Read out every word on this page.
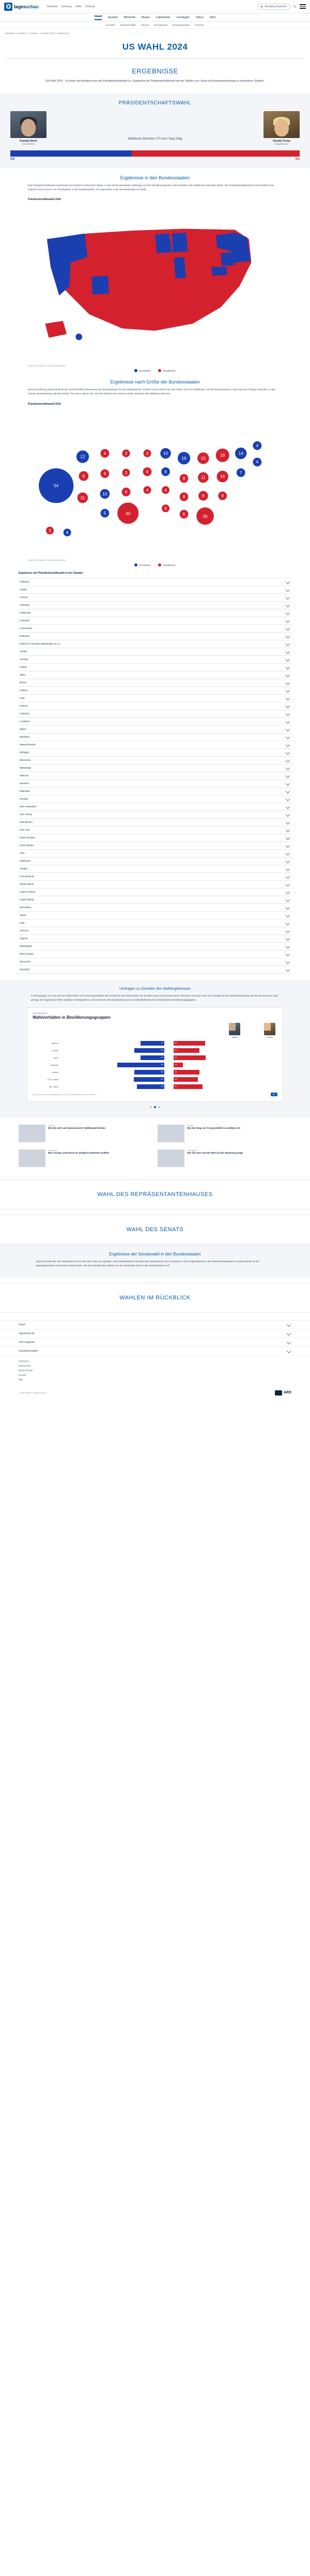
tagesschau	Startseite Sendung Video Podcast	▶ Sendung abspielen	🔍
Inland Ausland Wirtschaft Wissen Faktenfinder Investigativ Videos Mehr
US-Wahl Nahost-Konflikt Ukraine Klimawandel Bundestagswahl Podcasts
Startseite > Ausland > Amerika > US-Wahl 2024 > Ergebnisse
US WAHL 2024
ERGEBNISSE
Die Wahl 2024 – So treten die Kandidat:innen der Präsidentschaftswahl an. Ergebnisse der Präsidentschaftswahl und der Wahlen zum Senat und Repräsentantenhaus in interaktiven Grafiken.
PRÄSIDENTSCHAFTSWAHL
Kamala Harris
Demokraten
Wahlleute-Stimmen 270 zum Sieg nötig
Donald Trump
Republikaner
226	312
Ergebnisse in den Bundesstaaten
Das Präsidentschaftswahl entscheidet sich letztlich im Electoral College. In das die Bundesstaaten abhängig von ihrer Bevölkerungszahl unterschiedlich viele Wahlleute entsenden dürfen. Die Präsidentschaftswahl ist damit letztlich das Ergebnis einer Summe von Einzelwahlen in den Bundesstaaten. Die Ergebnisse in den Bundesstaaten im Detail:
Präsidentschaftswahl 2024
Quelle: AP/Wahlen in den Bundesstaaten
Demokraten	Republikaner
Ergebnisse nach Größe der Bundesstaaten
Diese Darstellung veranschaulicht die unterschiedliche Bedeutung der Bundesstaaten für das Wahlergebnis. Größere Kreise stehen für eine höhere Zahl von Wahlleuten, die der Bundesstaaten in das Electoral College entsenden. In den meisten Bundesstaaten gilt das Prinzip 'The winner takes it all': Wer die Mehrheit der Stimmen erhält, bekommt alle Wahlleute-Stimmen.
Präsidentschaftswahl 2024
54
12
6
11
4
6
10
5
3
3
6
40
3
6
4
10
6
4
6
19
8
8
6
15
11
9
30
19
16
9
14
7
4
4
3	4
Quelle: AP/Wahlen in den Bundesstaaten
Demokraten	Republikaner
Ergebnisse der Präsidentschaftswahl in den Staaten
Alabama
Alaska
Arizona
Arkansas
Kalifornien
Colorado
Connecticut
Delaware
District of Columbia (Washington D.C.)
Florida
Georgia
Hawaii
Idaho
Illinois
Indiana
Iowa
Kansas
Kentucky
Louisiana
Maine
Maryland
Massachusetts
Michigan
Minnesota
Mississippi
Missouri
Montana
Nebraska
Nevada
New Hampshire
New Jersey
New Mexico
New York
North Carolina
North Dakota
Ohio
Oklahoma
Oregon
Pennsylvania
Rhode Island
South Carolina
South Dakota
Tennessee
Texas
Utah
Vermont
Virginia
Washington
West Virginia
Wisconsin
Wyoming
Umfragen zu Gründen des Wahlergebnisses
In Befragungen vor und nach der Wahl haben US-Forschungsinstitute die Gründe für das Abschneiden von Donald Trump und Kamala Harris untersucht und auch nach den Gründen für die Wahlentscheidung und die Stimmung im Land gefragt. Die Ergebnisse helfen wichtige Anhaltspunkte zu den Ursachen des Ergebnisses und zum Befindlichkeiten der verschiedenen Bevölkerungsgruppen.
US Wahl 2024
Wahlverhalten in Bevölkerungsgruppen
Harris	Trump
Männer	42	55
Frauen	53	45
Weiß	42	56
Schwarz	83	16
Latinos	53	45
18-29 Jahre	54	43
65+ Jahre	48	51
Quelle: AP VoteCast / Befragung von über 120.000 Wählerinnen und Wählern	AP
Analyse
Wie die USA auf Kamala Harris' Wahlkampf blicken
Analyse
Wie der Sieg von Trump wirklich zu erklären ist
Reportage
Was Trumps und Harris im Vergleich bewerten wollten
Hintergrund
Wie die USA und die Welt auf die Stimmung prägt
WAHL DES REPRÄSENTANTENHAUSES
WAHL DES SENATS
Ergebnisse der Senatswahl in den Bundesstaaten
Etwa ein Drittel der 100 Senatssitze kommt alle zwei Jahre neu gewählt. Jeder Bundesstaat entsendet zwei Senatorinnen oder Senatoren in die Kongresskammer. Die Wahlentscheidungen im Senat spielen für die gesetzgeberische Arbeit eine zentrale Rolle. Hier die Resultate der Wahlen um die Senatssitze 2024 in den Bundesstaaten auf:
WAHLEN IM RÜCKBLICK
Inland
Tagesschau.de
ARD-Angebote
Rundfunkanstalten
Impressum
Datenschutz
Barrierefreiheit
Kontakt
Hilfe
© ARD-aktuell / tagesschau.de	ARD
